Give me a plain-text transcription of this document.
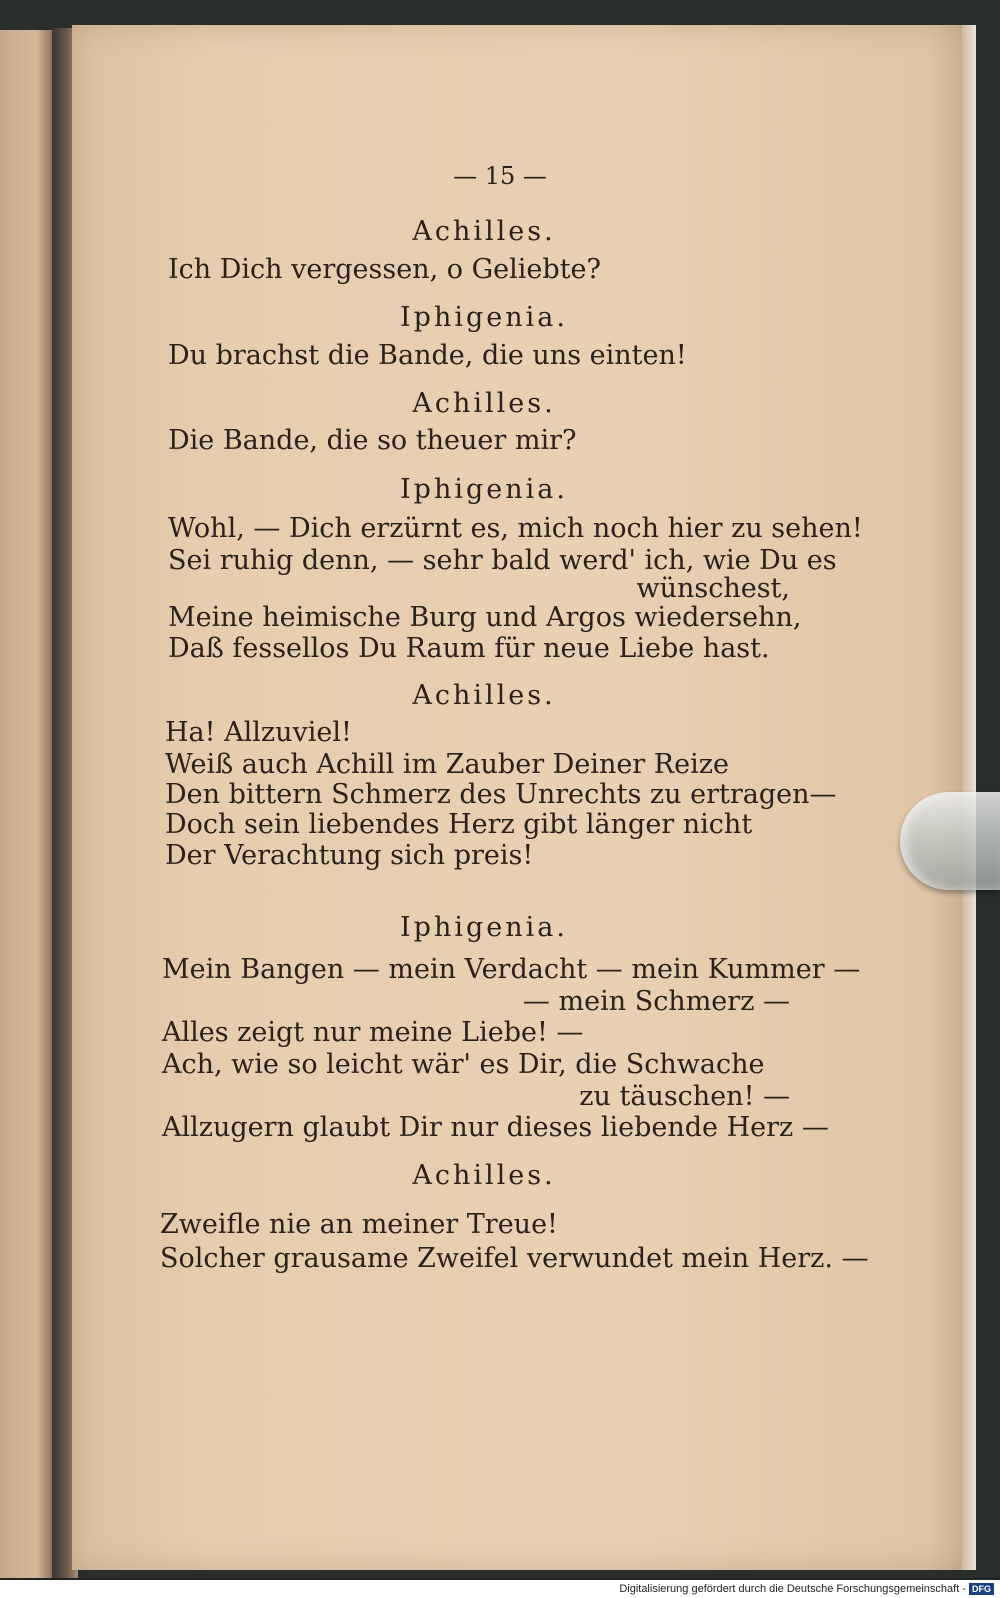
— 15 —
Achilles.
Ich Dich vergessen, o Geliebte?
Iphigenia.
Du brachst die Bande, die uns einten!
Achilles.
Die Bande, die so theuer mir?
Iphigenia.
Wohl, — Dich erzürnt es, mich noch hier zu sehen!
Sei ruhig denn, — sehr bald werd' ich, wie Du es
wünschest,
Meine heimische Burg und Argos wiedersehn,
Daß fessellos Du Raum für neue Liebe hast.
Achilles.
Ha! Allzuviel!
Weiß auch Achill im Zauber Deiner Reize
Den bittern Schmerz des Unrechts zu ertragen—
Doch sein liebendes Herz gibt länger nicht
Der Verachtung sich preis!
Iphigenia.
Mein Bangen — mein Verdacht — mein Kummer —
— mein Schmerz —
Alles zeigt nur meine Liebe! —
Ach, wie so leicht wär' es Dir, die Schwache
zu täuschen! —
Allzugern glaubt Dir nur dieses liebende Herz —
Achilles.
Zweifle nie an meiner Treue!
Solcher grausame Zweifel verwundet mein Herz. —
Digitalisierung gefördert durch die Deutsche Forschungsgemeinschaft - DFG
